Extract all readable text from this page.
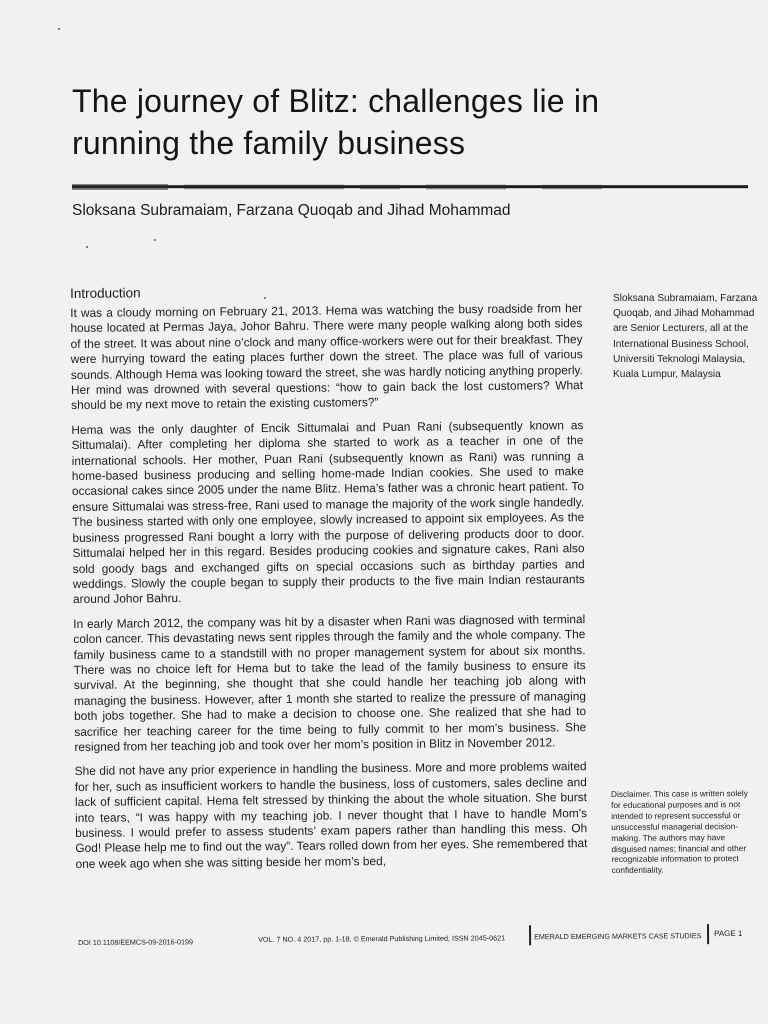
The journey of Blitz: challenges lie in running the family business
Sloksana Subramaiam, Farzana Quoqab and Jihad Mohammad
Introduction

It was a cloudy morning on February 21, 2013. Hema was watching the busy roadside from her house located at Permas Jaya, Johor Bahru. There were many people walking along both sides of the street. It was about nine o’clock and many office-workers were out for their breakfast. They were hurrying toward the eating places further down the street. The place was full of various sounds. Although Hema was looking toward the street, she was hardly noticing anything properly. Her mind was drowned with several questions: “how to gain back the lost customers? What should be my next move to retain the existing customers?”

Hema was the only daughter of Encik Sittumalai and Puan Rani (subsequently known as Sittumalai). After completing her diploma she started to work as a teacher in one of the international schools. Her mother, Puan Rani (subsequently known as Rani) was running a home-based business producing and selling home-made Indian cookies. She used to make occasional cakes since 2005 under the name Blitz. Hema’s father was a chronic heart patient. To ensure Sittumalai was stress-free, Rani used to manage the majority of the work single handedly. The business started with only one employee, slowly increased to appoint six employees. As the business progressed Rani bought a lorry with the purpose of delivering products door to door. Sittumalai helped her in this regard. Besides producing cookies and signature cakes, Rani also sold goody bags and exchanged gifts on special occasions such as birthday parties and weddings. Slowly the couple began to supply their products to the five main Indian restaurants around Johor Bahru.

In early March 2012, the company was hit by a disaster when Rani was diagnosed with terminal colon cancer. This devastating news sent ripples through the family and the whole company. The family business came to a standstill with no proper management system for about six months. There was no choice left for Hema but to take the lead of the family business to ensure its survival. At the beginning, she thought that she could handle her teaching job along with managing the business. However, after 1 month she started to realize the pressure of managing both jobs together. She had to make a decision to choose one. She realized that she had to sacrifice her teaching career for the time being to fully commit to her mom’s business. She resigned from her teaching job and took over her mom’s position in Blitz in November 2012.

She did not have any prior experience in handling the business. More and more problems waited for her, such as insufficient workers to handle the business, loss of customers, sales decline and lack of sufficient capital. Hema felt stressed by thinking the about the whole situation. She burst into tears, “I was happy with my teaching job. I never thought that I have to handle Mom’s business. I would prefer to assess students’ exam papers rather than handling this mess. Oh God! Please help me to find out the way”. Tears rolled down from her eyes. She remembered that one week ago when she was sitting beside her mom’s bed,

Sloksana Subramaiam, Farzana Quoqab, and Jihad Mohammad are Senior Lecturers, all at the International Business School, Universiti Teknologi Malaysia, Kuala Lumpur, Malaysia
Disclaimer. This case is written solely for educational purposes and is not intended to represent successful or unsuccessful managerial decision-making. The authors may have disguised names; financial and other recognizable information to protect confidentiality.
DOI 10.1108/EEMCS-09-2016-0199	VOL. 7 NO. 4 2017, pp. 1-18, © Emerald Publishing Limited, ISSN 2045-0621	EMERALD EMERGING MARKETS CASE STUDIES PAGE 1
